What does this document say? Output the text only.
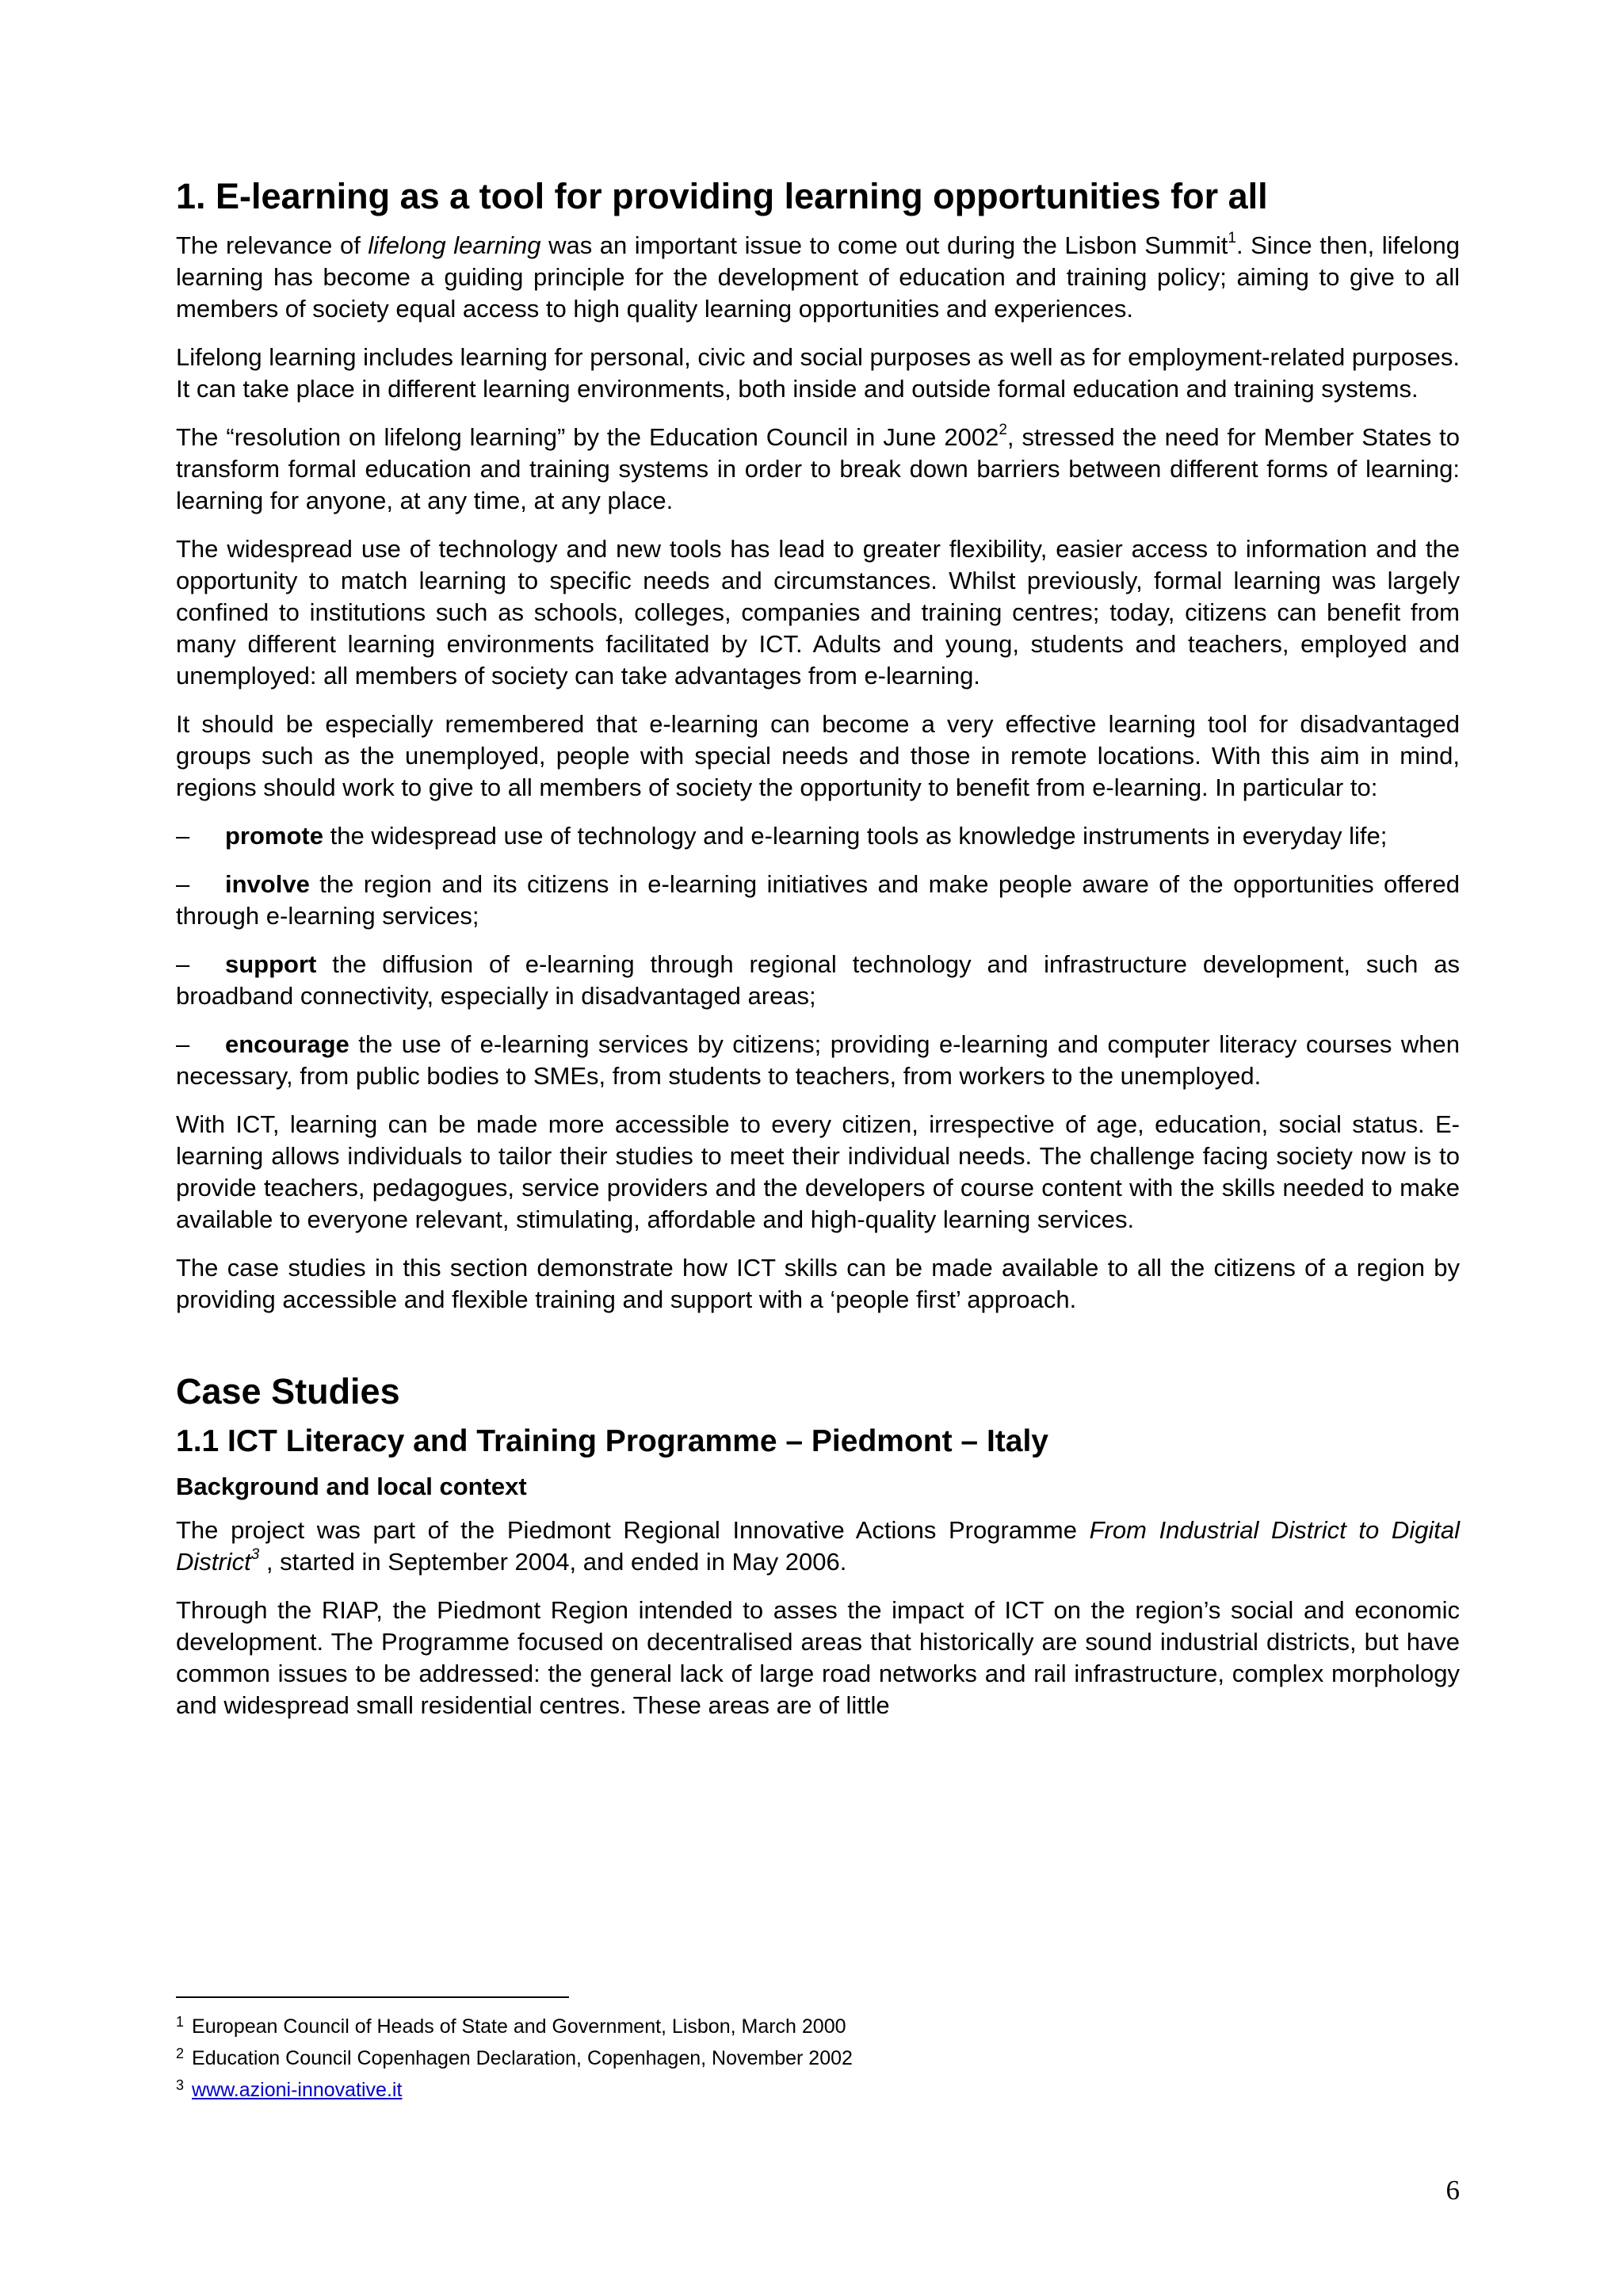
1. E-learning as a tool for providing learning opportunities for all

The relevance of lifelong learning was an important issue to come out during the Lisbon Summit$^1$. Since then, lifelong learning has become a guiding principle for the development of education and training policy; aiming to give to all members of society equal access to high quality learning opportunities and experiences.

Lifelong learning includes learning for personal, civic and social purposes as well as for employment-related purposes. It can take place in different learning environments, both inside and outside formal education and training systems.

The “resolution on lifelong learning” by the Education Council in June 2002$^2$, stressed the need for Member States to transform formal education and training systems in order to break down barriers between different forms of learning: learning for anyone, at any time, at any place.

The widespread use of technology and new tools has lead to greater flexibility, easier access to information and the opportunity to match learning to specific needs and circumstances. Whilst previously, formal learning was largely confined to institutions such as schools, colleges, companies and training centres; today, citizens can benefit from many different learning environments facilitated by ICT. Adults and young, students and teachers, employed and unemployed: all members of society can take advantages from e-learning.

It should be especially remembered that e-learning can become a very effective learning tool for disadvantaged groups such as the unemployed, people with special needs and those in remote locations. With this aim in mind, regions should work to give to all members of society the opportunity to benefit from e-learning. In particular to:

– promote the widespread use of technology and e-learning tools as knowledge instruments in everyday life;
– involve the region and its citizens in e-learning initiatives and make people aware of the opportunities offered through e-learning services;
– support the diffusion of e-learning through regional technology and infrastructure development, such as broadband connectivity, especially in disadvantaged areas;
– encourage the use of e-learning services by citizens; providing e-learning and computer literacy courses when necessary, from public bodies to SMEs, from students to teachers, from workers to the unemployed.

With ICT, learning can be made more accessible to every citizen, irrespective of age, education, social status. E-learning allows individuals to tailor their studies to meet their individual needs. The challenge facing society now is to provide teachers, pedagogues, service providers and the developers of course content with the skills needed to make available to everyone relevant, stimulating, affordable and high-quality learning services.

The case studies in this section demonstrate how ICT skills can be made available to all the citizens of a region by providing accessible and flexible training and support with a ‘people first’ approach.

Case Studies
1.1 ICT Literacy and Training Programme – Piedmont – Italy
Background and local context

The project was part of the Piedmont Regional Innovative Actions Programme From Industrial District to Digital District$^3$ , started in September 2004, and ended in May 2006.

Through the RIAP, the Piedmont Region intended to asses the impact of ICT on the region’s social and economic development. The Programme focused on decentralised areas that historically are sound industrial districts, but have common issues to be addressed: the general lack of large road networks and rail infrastructure, complex morphology and widespread small residential centres. These areas are of little

$^1$ European Council of Heads of State and Government, Lisbon, March 2000
$^2$ Education Council Copenhagen Declaration, Copenhagen, November 2002
$^3$ www.azioni-innovative.it
6
